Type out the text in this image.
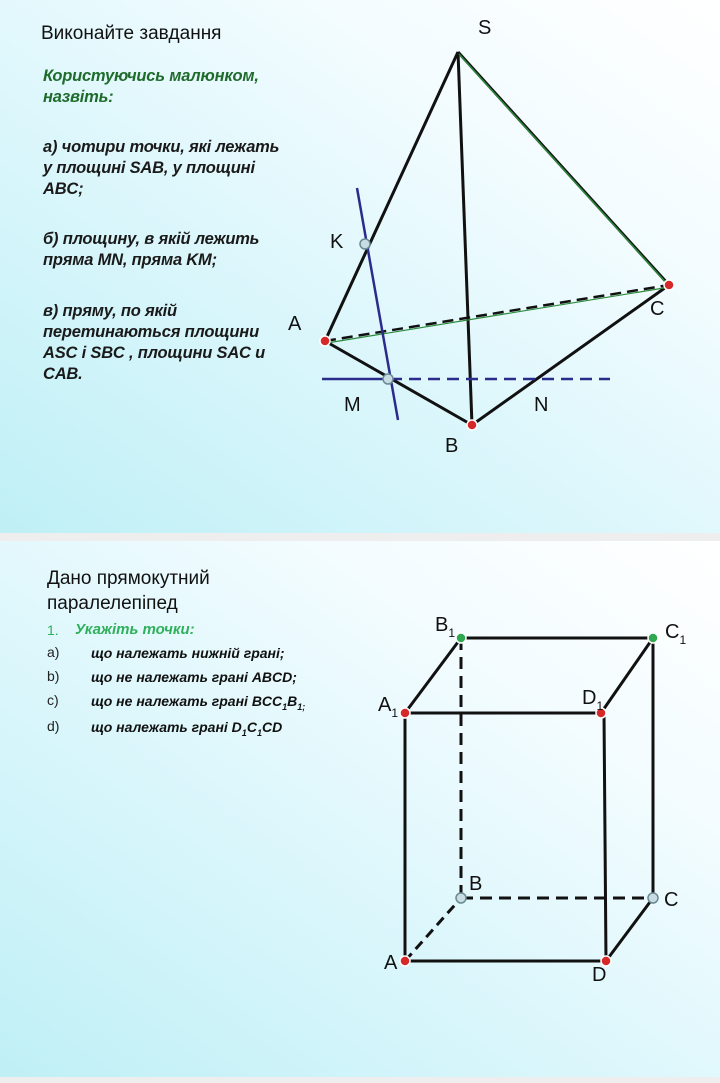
Виконайте завдання
Користуючись малюнком, назвіть:
а) чотири точки, які лежать у площині SAB, у площині ABC;
б) площину, в якій лежить пряма MN, пряма KM;
в) пряму, по якій перетинаються площини ASC і SBC , площини SAC и CAB.
S
K
A
C
M	N
B
Дано прямокутний
паралелепіпед
1. Укажіть точки:
a) що належать нижній грані;
b) що не належать грані ABCD;
c) що не належать грані $BCC_1B_{1;}$
d) що належать грані $D_1C_1CD$
$B_1$	$C_1$
$A_1$
$D_1$
B
C
A
D
